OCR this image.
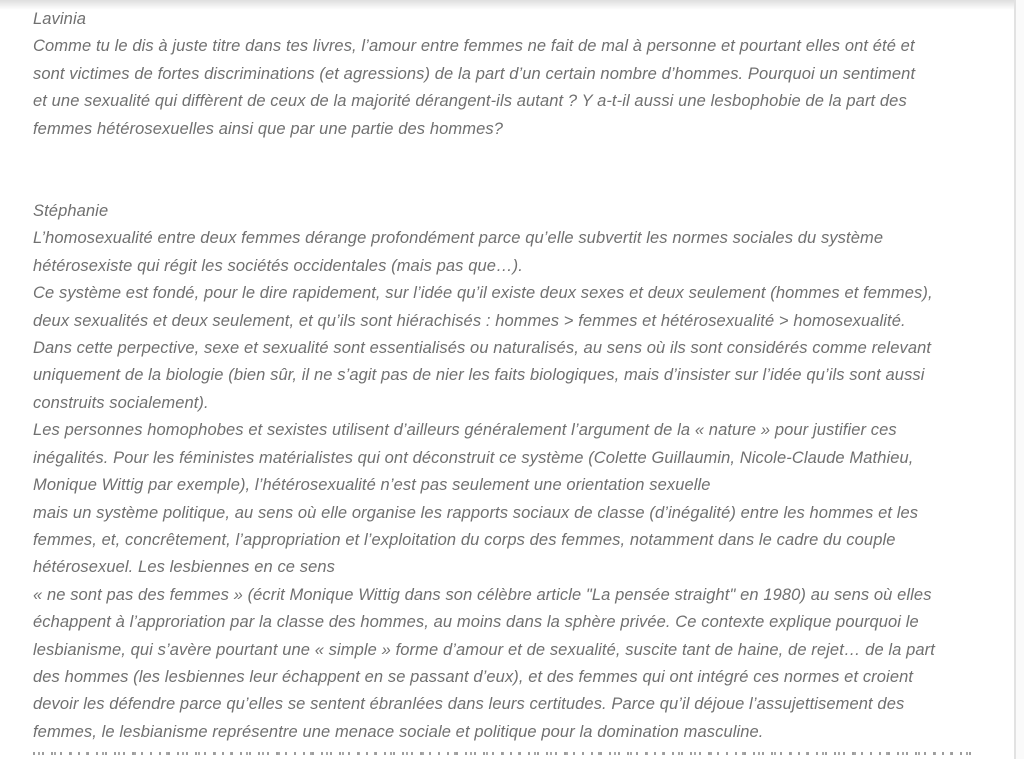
Lavinia
Comme tu le dis à juste titre dans tes livres, l’amour entre femmes ne fait de mal à personne et pourtant elles ont été et
sont victimes de fortes discriminations (et agressions) de la part d’un certain nombre d’hommes. Pourquoi un sentiment
et une sexualité qui diffèrent de ceux de la majorité dérangent-ils autant ? Y a-t-il aussi une lesbophobie de la part des
femmes hétérosexuelles ainsi que par une partie des hommes?
Stéphanie
L’homosexualité entre deux femmes dérange profondément parce qu’elle subvertit les normes sociales du système
hétérosexiste qui régit les sociétés occidentales (mais pas que…).
Ce système est fondé, pour le dire rapidement, sur l’idée qu’il existe deux sexes et deux seulement (hommes et femmes),
deux sexualités et deux seulement, et qu’ils sont hiérachisés : hommes > femmes et hétérosexualité > homosexualité.
Dans cette perpective, sexe et sexualité sont essentialisés ou naturalisés, au sens où ils sont considérés comme relevant
uniquement de la biologie (bien sûr, il ne s’agit pas de nier les faits biologiques, mais d’insister sur l’idée qu’ils sont aussi
construits socialement).
Les personnes homophobes et sexistes utilisent d’ailleurs généralement l’argument de la « nature » pour justifier ces
inégalités. Pour les féministes matérialistes qui ont déconstruit ce système (Colette Guillaumin, Nicole-Claude Mathieu,
Monique Wittig par exemple), l’hétérosexualité n’est pas seulement une orientation sexuelle
mais un système politique, au sens où elle organise les rapports sociaux de classe (d’inégalité) entre les hommes et les
femmes, et, concrêtement, l’appropriation et l’exploitation du corps des femmes, notamment dans le cadre du couple
hétérosexuel. Les lesbiennes en ce sens
« ne sont pas des femmes » (écrit Monique Wittig dans son célèbre article "La pensée straight" en 1980) au sens où elles
échappent à l’approriation par la classe des hommes, au moins dans la sphère privée. Ce contexte explique pourquoi le
lesbianisme, qui s’avère pourtant une « simple » forme d’amour et de sexualité, suscite tant de haine, de rejet… de la part
des hommes (les lesbiennes leur échappent en se passant d’eux), et des femmes qui ont intégré ces normes et croient
devoir les défendre parce qu’elles se sentent ébranlées dans leurs certitudes. Parce qu’il déjoue l’assujettisement des
femmes, le lesbianisme représentre une menace sociale et politique pour la domination masculine.
